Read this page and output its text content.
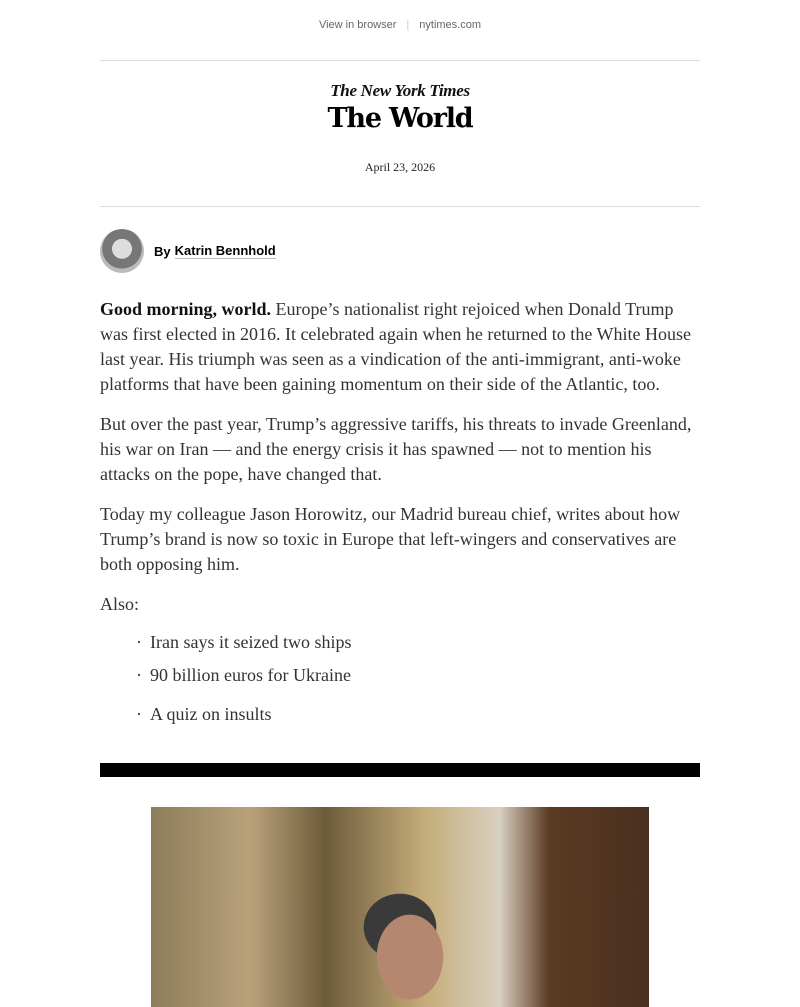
View in browser | nytimes.com
The New York Times
The World
April 23, 2026
By Katrin Bennhold

Good morning, world. Europe’s nationalist right rejoiced when Donald Trump was first elected in 2016. It celebrated again when he returned to the White House last year. His triumph was seen as a vindication of the anti-immigrant, anti-woke platforms that have been gaining momentum on their side of the Atlantic, too.

But over the past year, Trump’s aggressive tariffs, his threats to invade Greenland, his war on Iran — and the energy crisis it has spawned — not to mention his attacks on the pope, have changed that.

Today my colleague Jason Horowitz, our Madrid bureau chief, writes about how Trump’s brand is now so toxic in Europe that left-wingers and conservatives are both opposing him.

Also:

· Iran says it seized two ships
· 90 billion euros for Ukraine
· A quiz on insults
